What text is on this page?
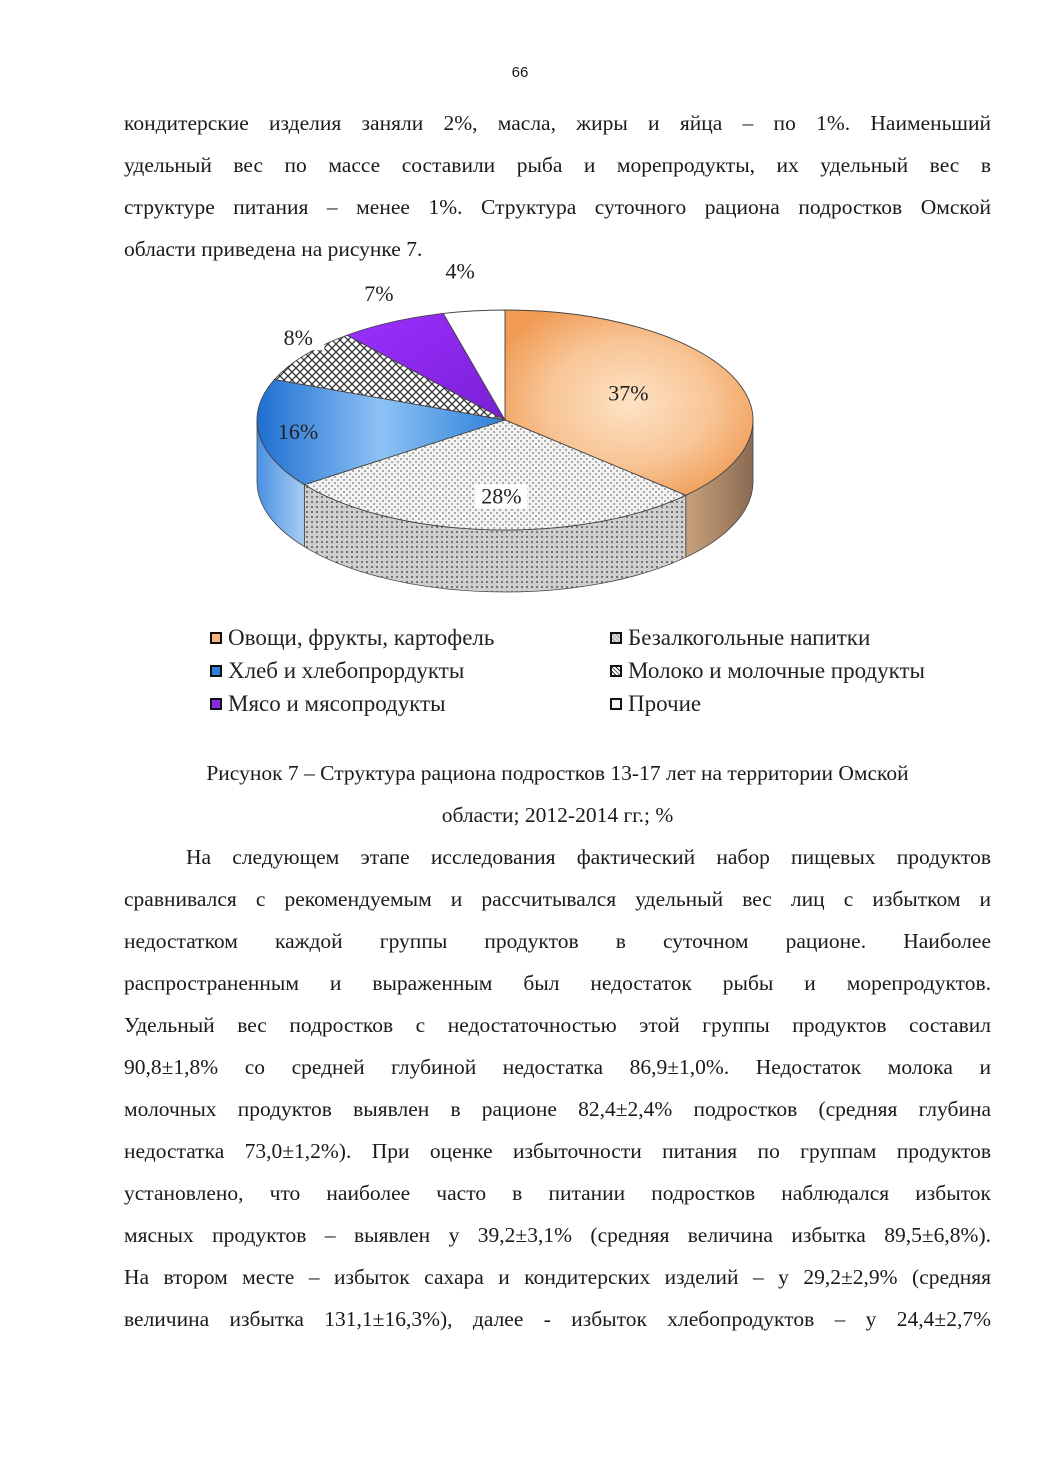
66

кондитерские изделия заняли 2%, масла, жиры и яйца – по 1%. Наименьший

удельный вес по массе составили рыба и морепродукты, их удельный вес в

структуре питания – менее 1%. Структура суточного рациона подростков Омской

области приведена на рисунке 7.

37%
28%
16%
8%
7%
4%
Овощи, фрукты, картофель	Безалкогольные напитки
Хлеб и хлебопрордукты	Молоко и молочные продукты
Мясо и мясопродукты	Прочие

Рисунок 7 – Структура рациона подростков 13-17 лет на территории Омской

области; 2012-2014 гг.; %

На следующем этапе исследования фактический набор пищевых продуктов

сравнивался с рекомендуемым и рассчитывался удельный вес лиц с избытком и

недостатком каждой группы продуктов в суточном рационе. Наиболее

распространенным и выраженным был недостаток рыбы и морепродуктов.

Удельный вес подростков с недостаточностью этой группы продуктов составил

90,8±1,8% со средней глубиной недостатка 86,9±1,0%. Недостаток молока и

молочных продуктов выявлен в рационе 82,4±2,4% подростков (средняя глубина

недостатка 73,0±1,2%). При оценке избыточности питания по группам продуктов

установлено, что наиболее часто в питании подростков наблюдался избыток

мясных продуктов – выявлен у 39,2±3,1% (средняя величина избытка 89,5±6,8%).

На втором месте – избыток сахара и кондитерских изделий – у 29,2±2,9% (средняя

величина избытка 131,1±16,3%), далее - избыток хлебопродуктов – у 24,4±2,7%
